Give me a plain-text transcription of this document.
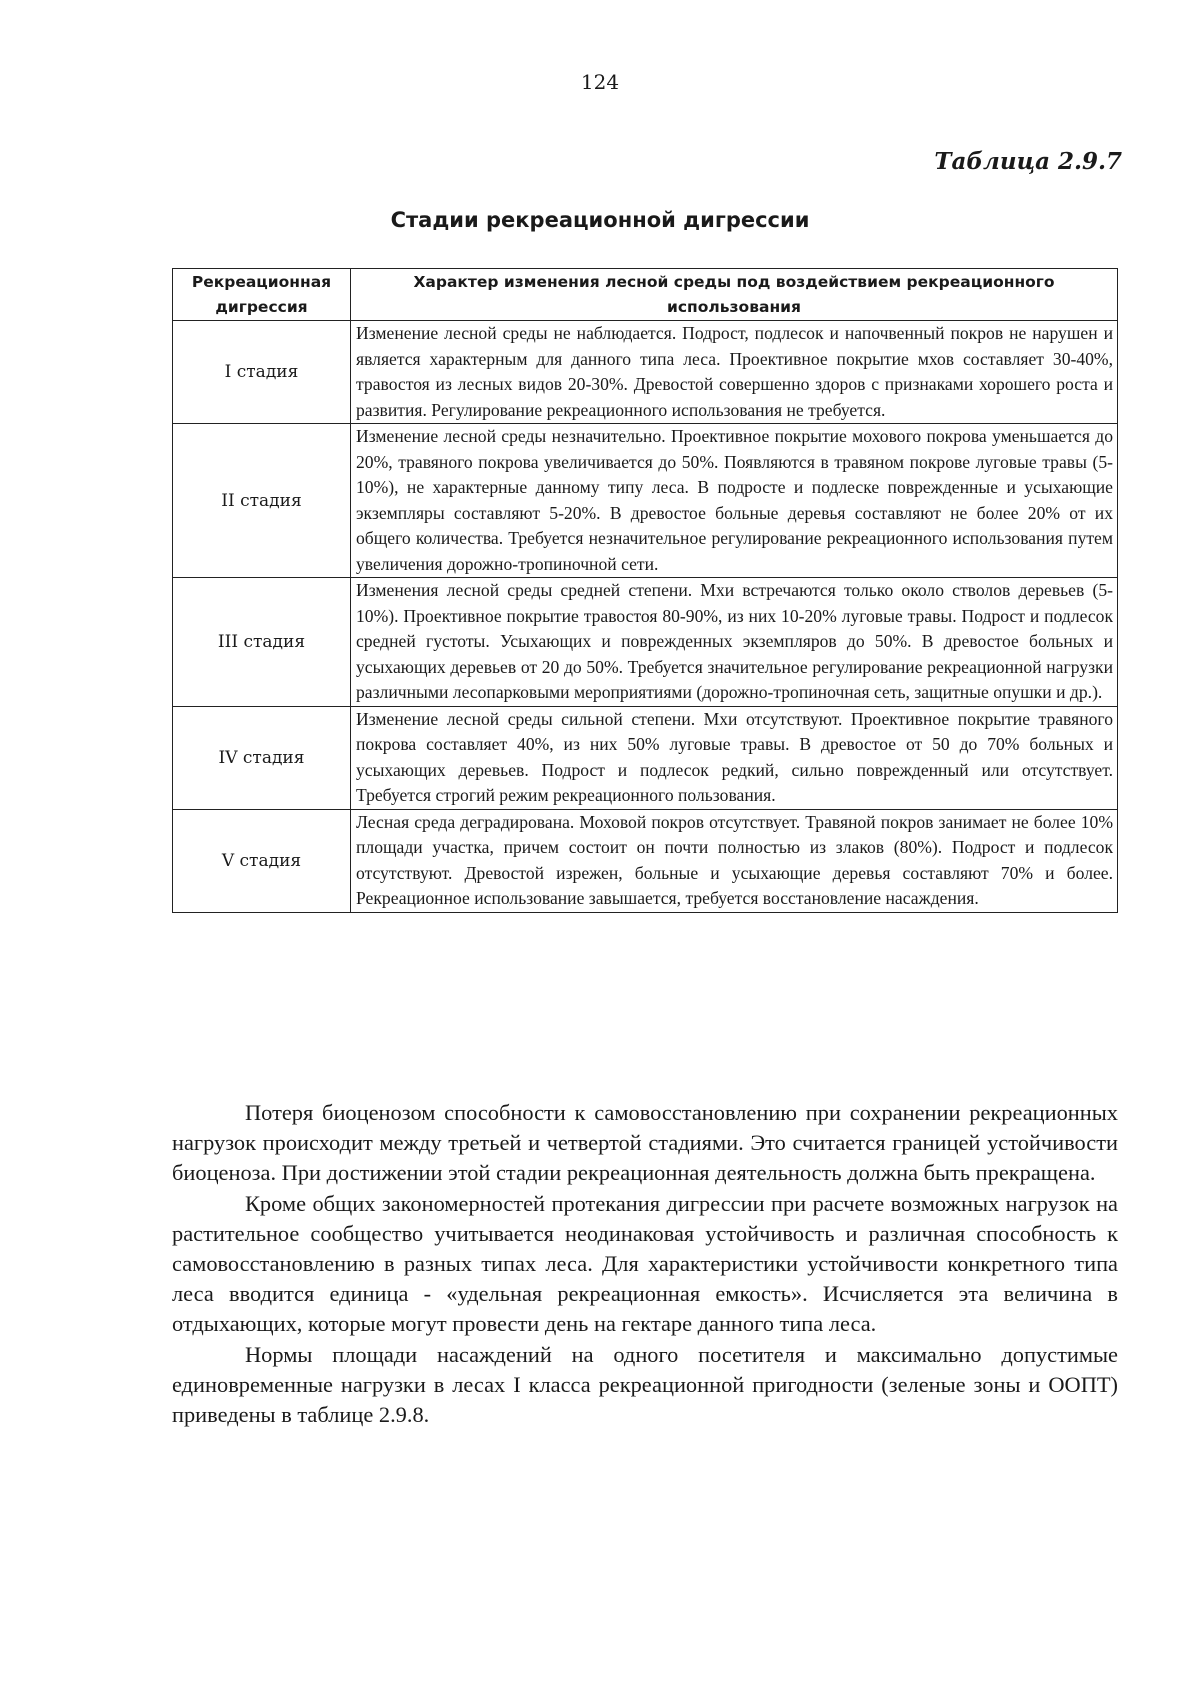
124
Таблица 2.9.7
Стадии рекреационной дигрессии
Рекреационная дигрессия	Характер изменения лесной среды под воздействием рекреационного использования
I стадия	Изменение лесной среды не наблюдается. Подрост, подлесок и напочвенный покров не нарушен и является характерным для данного типа леса. Проективное покрытие мхов составляет 30-40%, травостоя из лесных видов 20-30%. Древостой совершенно здоров с признаками хорошего роста и развития. Регулирование рекреационного использования не требуется.
II стадия	Изменение лесной среды незначительно. Проективное покрытие мохового покрова уменьшается до 20%, травяного покрова увеличивается до 50%. Появляются в травяном покрове луговые травы (5-10%), не характерные данному типу леса. В подросте и подлеске поврежденные и усыхающие экземпляры составляют 5-20%. В древостое больные деревья составляют не более 20% от их общего количества. Требуется незначительное регулирование рекреационного использования путем увеличения дорожно-тропиночной сети.
III стадия	Изменения лесной среды средней степени. Мхи встречаются только около стволов деревьев (5-10%). Проективное покрытие травостоя 80-90%, из них 10-20% луговые травы. Подрост и подлесок средней густоты. Усыхающих и поврежденных экземпляров до 50%. В древостое больных и усыхающих деревьев от 20 до 50%. Требуется значительное регулирование рекреационной нагрузки различными лесопарковыми мероприятиями (дорожно-тропиночная сеть, защитные опушки и др.).
IV стадия	Изменение лесной среды сильной степени. Мхи отсутствуют. Проективное покрытие травяного покрова составляет 40%, из них 50% луговые травы. В древостое от 50 до 70% больных и усыхающих деревьев. Подрост и подлесок редкий, сильно поврежденный или отсутствует. Требуется строгий режим рекреационного пользования.
V стадия	Лесная среда деградирована. Моховой покров отсутствует. Травяной покров занимает не более 10% площади участка, причем состоит он почти полностью из злаков (80%). Подрост и подлесок отсутствуют. Древостой изрежен, больные и усыхающие деревья составляют 70% и более. Рекреационное использование завышается, требуется восстановление насаждения.

Потеря биоценозом способности к самовосстановлению при сохранении рекреационных нагрузок происходит между третьей и четвертой стадиями. Это считается границей устойчивости биоценоза. При достижении этой стадии рекреационная деятельность должна быть прекращена.

Кроме общих закономерностей протекания дигрессии при расчете возможных нагрузок на растительное сообщество учитывается неодинаковая устойчивость и различная способность к самовосстановлению в разных типах леса. Для характеристики устойчивости конкретного типа леса вводится единица - «удельная рекреационная емкость». Исчисляется эта величина в отдыхающих, которые могут провести день на гектаре данного типа леса.

Нормы площади насаждений на одного посетителя и максимально допустимые единовременные нагрузки в лесах I класса рекреационной пригодности (зеленые зоны и ООПТ) приведены в таблице 2.9.8.
